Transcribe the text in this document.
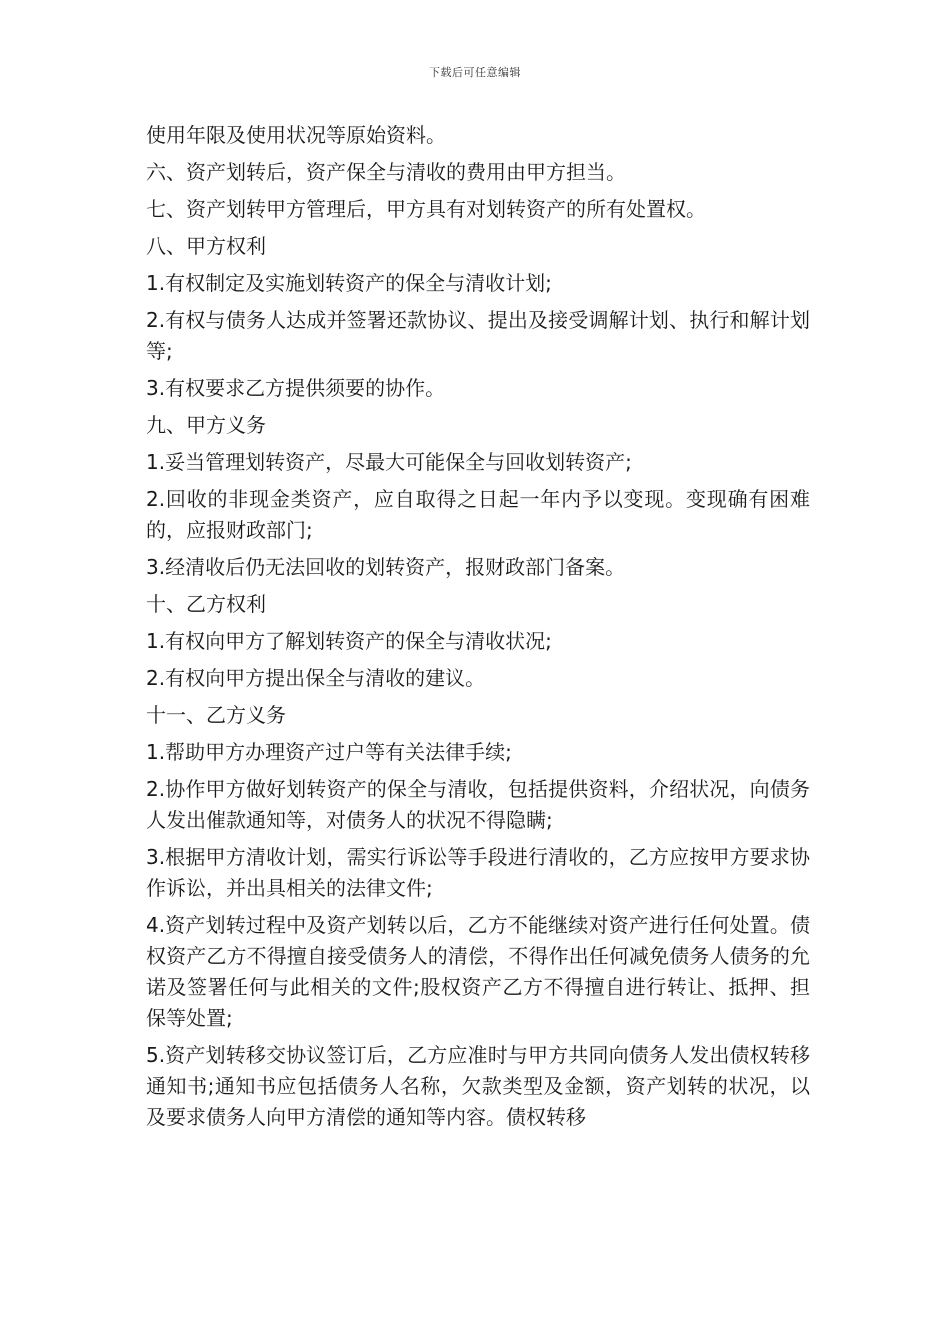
下载后可任意编辑

使用年限及使用状况等原始资料。

六、资产划转后，资产保全与清收的费用由甲方担当。

七、资产划转甲方管理后，甲方具有对划转资产的所有处置权。

八、甲方权利

1.有权制定及实施划转资产的保全与清收计划;

2.有权与债务人达成并签署还款协议、提出及接受调解计划、执行和解计划等;

3.有权要求乙方提供须要的协作。

九、甲方义务

1.妥当管理划转资产，尽最大可能保全与回收划转资产;

2.回收的非现金类资产，应自取得之日起一年内予以变现。变现确有困难的，应报财政部门;

3.经清收后仍无法回收的划转资产，报财政部门备案。

十、乙方权利

1.有权向甲方了解划转资产的保全与清收状况;

2.有权向甲方提出保全与清收的建议。

十一、乙方义务

1.帮助甲方办理资产过户等有关法律手续;

2.协作甲方做好划转资产的保全与清收，包括提供资料，介绍状况，向债务人发出催款通知等，对债务人的状况不得隐瞒;

3.根据甲方清收计划，需实行诉讼等手段进行清收的，乙方应按甲方要求协作诉讼，并出具相关的法律文件;

4.资产划转过程中及资产划转以后，乙方不能继续对资产进行任何处置。债权资产乙方不得擅自接受债务人的清偿，不得作出任何减免债务人债务的允诺及签署任何与此相关的文件;股权资产乙方不得擅自进行转让、抵押、担保等处置;

5.资产划转移交协议签订后，乙方应准时与甲方共同向债务人发出债权转移通知书;通知书应包括债务人名称，欠款类型及金额，资产划转的状况，以及要求债务人向甲方清偿的通知等内容。债权转移
